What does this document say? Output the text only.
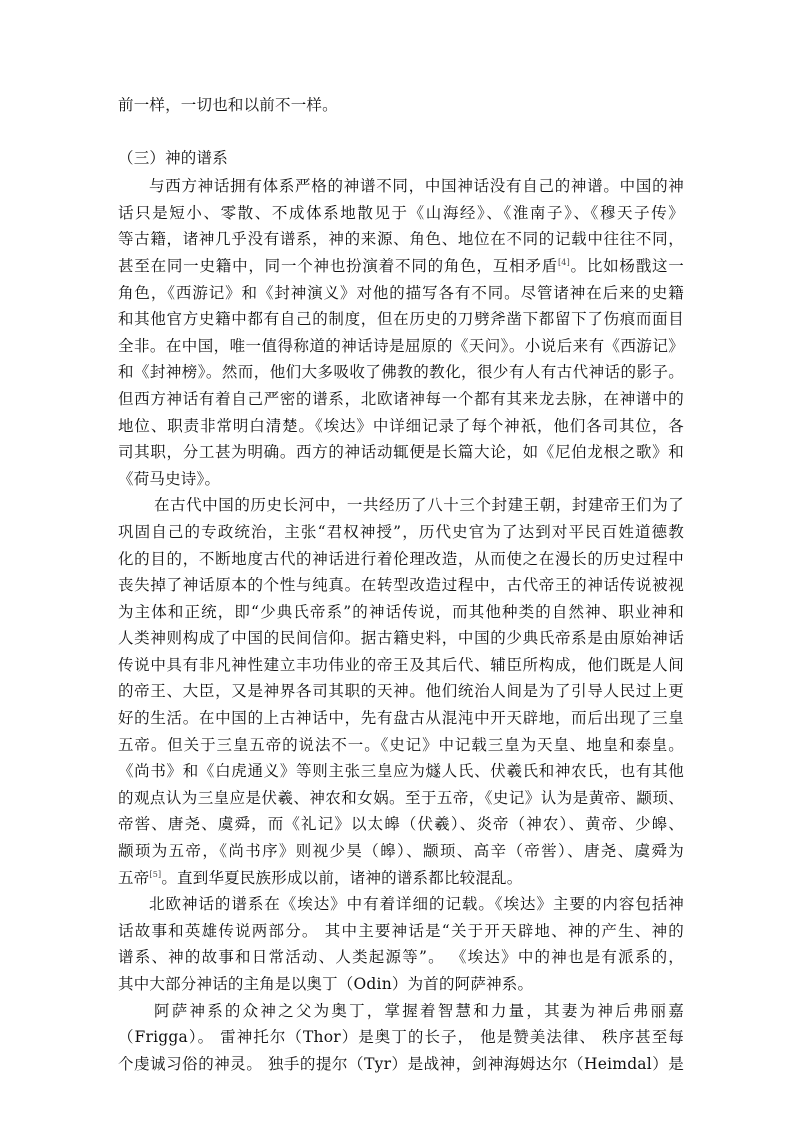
前一样，一切也和以前不一样。
（三）神的谱系
与西方神话拥有体系严格的神谱不同，中国神话没有自己的神谱。中国的神
话只是短小、零散、不成体系地散见于《山海经》、《淮南子》、《穆天子传》
等古籍，诸神几乎没有谱系，神的来源、角色、地位在不同的记载中往往不同，
甚至在同一史籍中，同一个神也扮演着不同的角色，互相矛盾[4]。比如杨戬这一
角色，《西游记》和《封神演义》对他的描写各有不同。尽管诸神在后来的史籍
和其他官方史籍中都有自己的制度，但在历史的刀劈斧凿下都留下了伤痕而面目
全非。在中国，唯一值得称道的神话诗是屈原的《天问》。小说后来有《西游记》
和《封神榜》。然而，他们大多吸收了佛教的教化，很少有人有古代神话的影子。
但西方神话有着自己严密的谱系，北欧诸神每一个都有其来龙去脉，在神谱中的
地位、职责非常明白清楚。《埃达》中详细记录了每个神祇，他们各司其位，各
司其职，分工甚为明确。西方的神话动辄便是长篇大论，如《尼伯龙根之歌》和
《荷马史诗》。
在古代中国的历史长河中，一共经历了八十三个封建王朝，封建帝王们为了
巩固自己的专政统治，主张“君权神授”，历代史官为了达到对平民百姓道德教
化的目的，不断地度古代的神话进行着伦理改造，从而使之在漫长的历史过程中
丧失掉了神话原本的个性与纯真。在转型改造过程中，古代帝王的神话传说被视
为主体和正统，即“少典氏帝系”的神话传说，而其他种类的自然神、职业神和
人类神则构成了中国的民间信仰。据古籍史料，中国的少典氏帝系是由原始神话
传说中具有非凡神性建立丰功伟业的帝王及其后代、辅臣所构成，他们既是人间
的帝王、大臣，又是神界各司其职的天神。他们统治人间是为了引导人民过上更
好的生活。在中国的上古神话中，先有盘古从混沌中开天辟地，而后出现了三皇
五帝。但关于三皇五帝的说法不一。《史记》中记载三皇为天皇、地皇和泰皇。
《尚书》和《白虎通义》等则主张三皇应为燧人氏、伏羲氏和神农氏，也有其他
的观点认为三皇应是伏羲、神农和女娲。至于五帝，《史记》认为是黄帝、颛顼、
帝喾、唐尧、虞舜，而《礼记》以太皞（伏羲）、炎帝（神农）、黄帝、少皞、
颛顼为五帝，《尚书序》则视少昊（皞）、颛顼、高辛（帝喾）、唐尧、虞舜为
五帝[5]。直到华夏民族形成以前，诸神的谱系都比较混乱。
北欧神话的谱系在《埃达》中有着详细的记载。《埃达》主要的内容包括神
话故事和英雄传说两部分。 其中主要神话是“关于开天辟地、神的产生、神的
谱系、神的故事和日常活动、人类起源等”。 《埃达》中的神也是有派系的，
其中大部分神话的主角是以奥丁（Odin）为首的阿萨神系。
阿萨神系的众神之父为奥丁，掌握着智慧和力量，其妻为神后弗丽嘉
（Frigga）。 雷神托尔（Thor）是奥丁的长子， 他是赞美法律、 秩序甚至每
个虔诚习俗的神灵。 独手的提尔（Tyr）是战神，剑神海姆达尔（Heimdal）是
